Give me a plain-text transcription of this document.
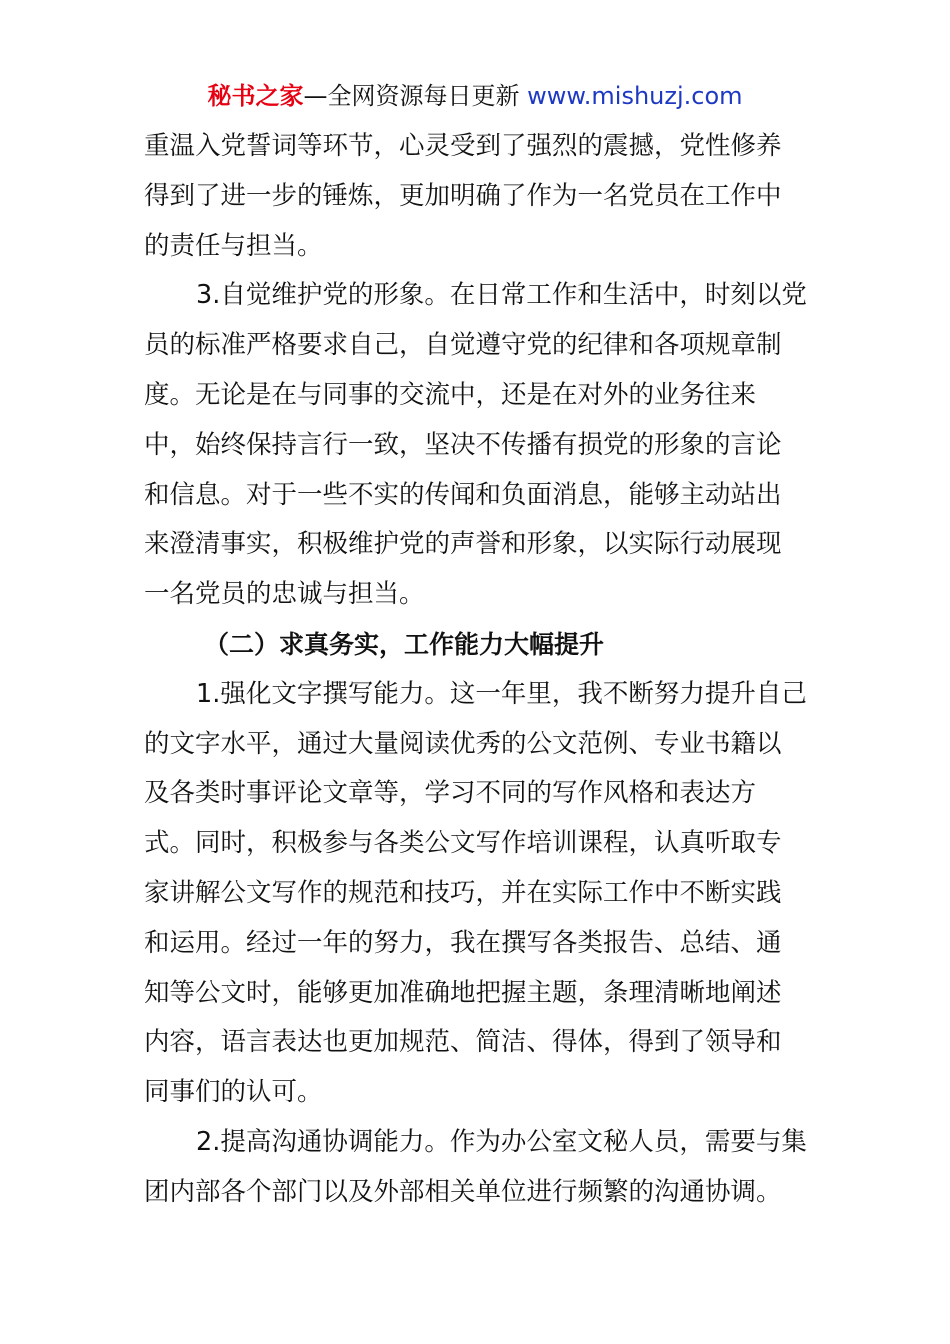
秘书之家—全网资源每日更新 www.mishuzj.com
重温入党誓词等环节，心灵受到了强烈的震撼，党性修养
得到了进一步的锤炼，更加明确了作为一名党员在工作中
的责任与担当。
3.自觉维护党的形象。在日常工作和生活中，时刻以党
员的标准严格要求自己，自觉遵守党的纪律和各项规章制
度。无论是在与同事的交流中，还是在对外的业务往来
中，始终保持言行一致，坚决不传播有损党的形象的言论
和信息。对于一些不实的传闻和负面消息，能够主动站出
来澄清事实，积极维护党的声誉和形象，以实际行动展现
一名党员的忠诚与担当。
（二）求真务实，工作能力大幅提升
1.强化文字撰写能力。这一年里，我不断努力提升自己
的文字水平，通过大量阅读优秀的公文范例、专业书籍以
及各类时事评论文章等，学习不同的写作风格和表达方
式。同时，积极参与各类公文写作培训课程，认真听取专
家讲解公文写作的规范和技巧，并在实际工作中不断实践
和运用。经过一年的努力，我在撰写各类报告、总结、通
知等公文时，能够更加准确地把握主题，条理清晰地阐述
内容，语言表达也更加规范、简洁、得体，得到了领导和
同事们的认可。
2.提高沟通协调能力。作为办公室文秘人员，需要与集
团内部各个部门以及外部相关单位进行频繁的沟通协调。
